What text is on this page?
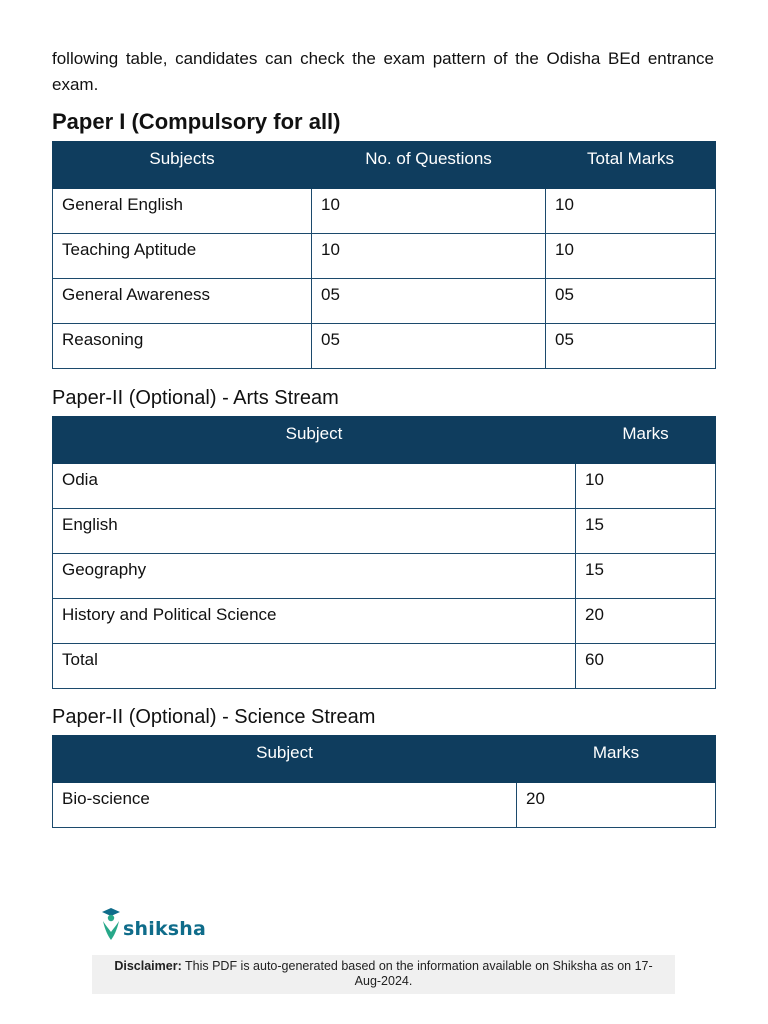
following table, candidates can check the exam pattern of the Odisha BEd entrance exam.

Paper I (Compulsory for all)
Subjects	No. of Questions	Total Marks
General English	10	10
Teaching Aptitude	10	10
General Awareness	05	05
Reasoning	05	05
Paper-II (Optional) - Arts Stream
Subject	Marks
Odia	10
English	15
Geography	15
History and Political Science	20
Total	60
Paper-II (Optional) - Science Stream
Subject	Marks
Bio-science	20
shiksha
Disclaimer: This PDF is auto-generated based on the information available on Shiksha as on 17-Aug-2024.
